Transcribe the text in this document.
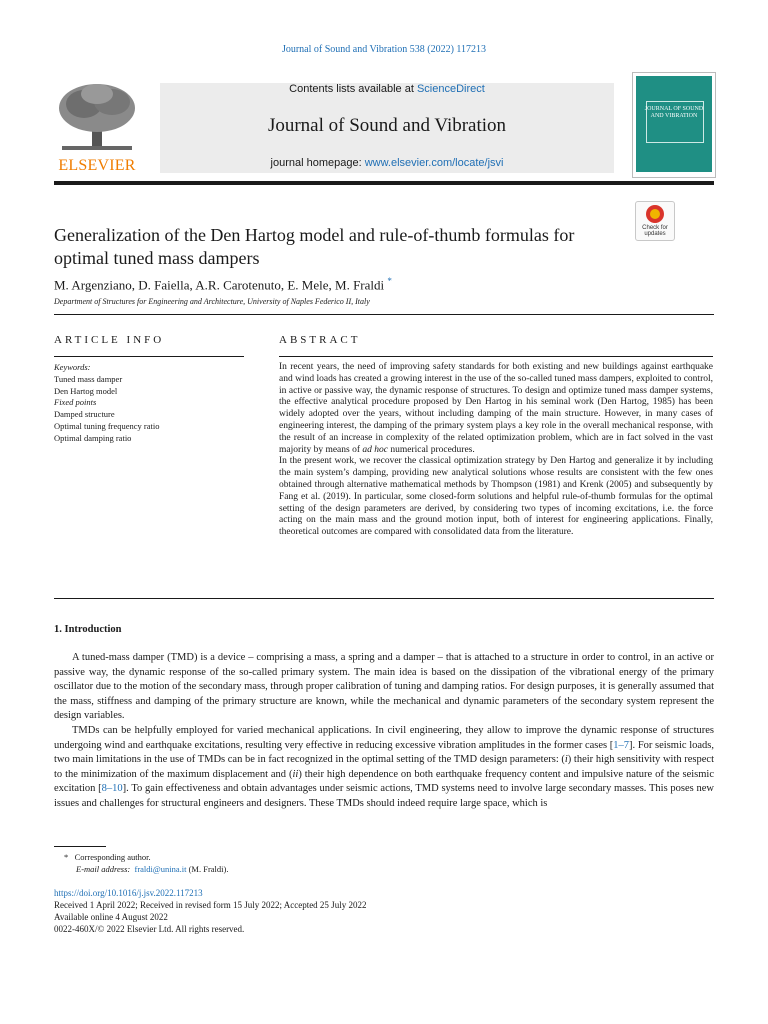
Journal of Sound and Vibration 538 (2022) 117213
ELSEVIER
Contents lists available at ScienceDirect
Journal of Sound and Vibration
journal homepage: www.elsevier.com/locate/jsvi
JOURNAL OF SOUND AND VIBRATION
Check for
updates
Generalization of the Den Hartog model and rule-of-thumb formulas for optimal tuned mass dampers
M. Argenziano, D. Faiella, A.R. Carotenuto, E. Mele, M. Fraldi *
Department of Structures for Engineering and Architecture, University of Naples Federico II, Italy
ARTICLE INFO
Keywords:
Tuned mass damper
Den Hartog model
Fixed points
Damped structure
Optimal tuning frequency ratio
Optimal damping ratio
ABSTRACT
In recent years, the need of improving safety standards for both existing and new buildings against earthquake and wind loads has created a growing interest in the use of the so-called tuned mass dampers, exploited to control, in active or passive way, the dynamic response of structures. To design and optimize tuned mass damper systems, the effective analytical procedure proposed by Den Hartog in his seminal work (Den Hartog, 1985) has been widely adopted over the years, without including damping of the main structure. However, in many cases of engineering interest, the damping of the primary system plays a key role in the overall mechanical response, with the result of an increase in complexity of the related optimization problem, which are in fact solved in the vast majority by means of ad hoc numerical procedures.
In the present work, we recover the classical optimization strategy by Den Hartog and generalize it by including the main system’s damping, providing new analytical solutions whose results are consistent with the few ones obtained through alternative mathematical methods by Thompson (1981) and Krenk (2005) and subsequently by Fang et al. (2019). In particular, some closed-form solutions and helpful rule-of-thumb formulas for the optimal setting of the design parameters are derived, by considering two types of incoming excitations, i.e. the force acting on the main mass and the ground motion input, both of interest for engineering applications. Finally, theoretical outcomes are compared with consolidated data from the literature.
1. Introduction

A tuned-mass damper (TMD) is a device – comprising a mass, a spring and a damper – that is attached to a structure in order to control, in an active or passive way, the dynamic response of the so-called primary system. The main idea is based on the dissipation of the vibrational energy of the primary oscillator due to the motion of the secondary mass, through proper calibration of tuning and damping ratios. For design purposes, it is generally assumed that the mass, stiffness and damping of the primary structure are known, while the mechanical and dynamic parameters of the secondary system represent the design variables.

TMDs can be helpfully employed for varied mechanical applications. In civil engineering, they allow to improve the dynamic response of structures undergoing wind and earthquake excitations, resulting very effective in reducing excessive vibration amplitudes in the former cases [1–7]. For seismic loads, two main limitations in the use of TMDs can be in fact recognized in the optimal setting of the TMD design parameters: (i) their high sensitivity with respect to the minimization of the maximum displacement and (ii) their high dependence on both earthquake frequency content and impulsive nature of the seismic excitation [8–10]. To gain effectiveness and obtain advantages under seismic actions, TMD systems need to involve large secondary masses. This poses new issues and challenges for structural engineers and designers. These TMDs should indeed require large space, which is

* Corresponding author.
E-mail address: fraldi@unina.it (M. Fraldi).
https://doi.org/10.1016/j.jsv.2022.117213
Received 1 April 2022; Received in revised form 15 July 2022; Accepted 25 July 2022
Available online 4 August 2022
0022-460X/© 2022 Elsevier Ltd. All rights reserved.
